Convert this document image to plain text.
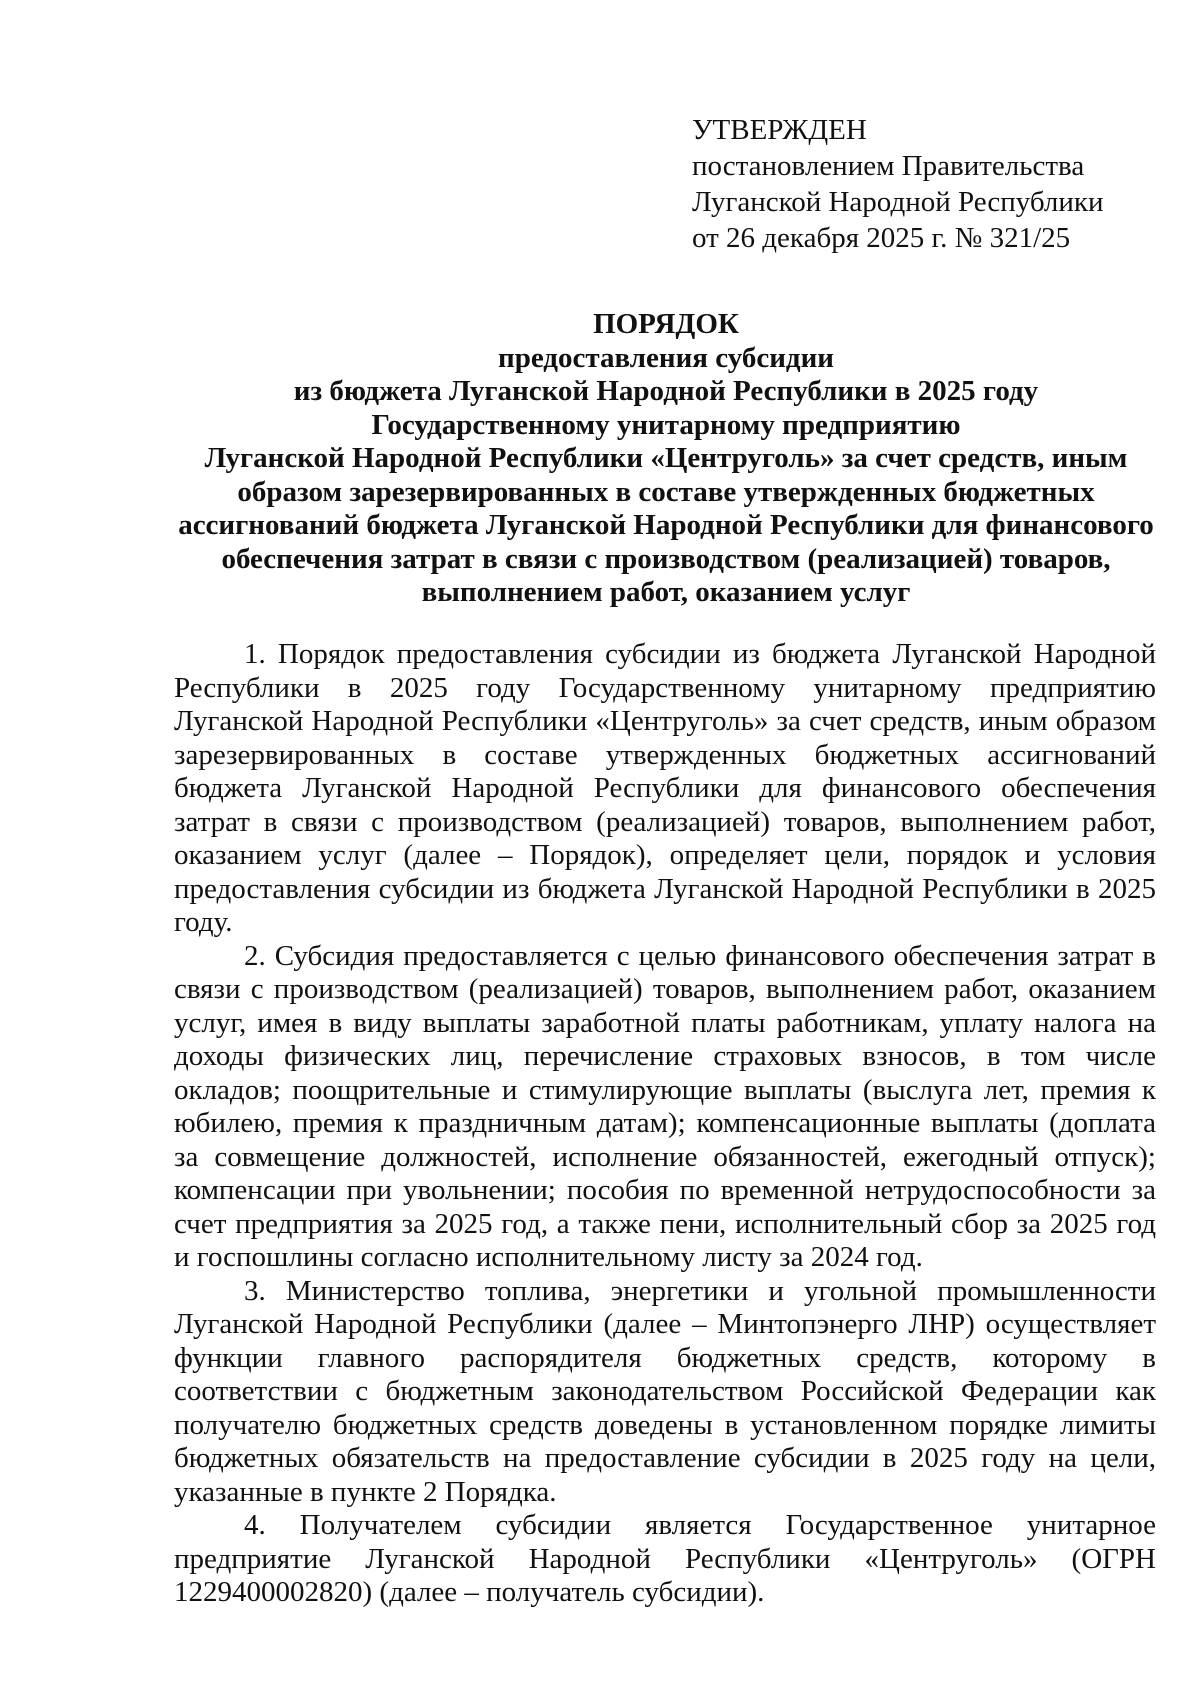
УТВЕРЖДЕН
постановлением Правительства
Луганской Народной Республики
от 26 декабря 2025 г. № 321/25
ПОРЯДОК
предоставления субсидии
из бюджета Луганской Народной Республики в 2025 году
Государственному унитарному предприятию
Луганской Народной Республики «Центруголь» за счет средств, иным
образом зарезервированных в составе утвержденных бюджетных
ассигнований бюджета Луганской Народной Республики для финансового
обеспечения затрат в связи с производством (реализацией) товаров,
выполнением работ, оказанием услуг

1. Порядок предоставления субсидии из бюджета Луганской Народной Республики в 2025 году Государственному унитарному предприятию Луганской Народной Республики «Центруголь» за счет средств, иным образом зарезервированных в составе утвержденных бюджетных ассигнований бюджета Луганской Народной Республики для финансового обеспечения затрат в связи с производством (реализацией) товаров, выполнением работ, оказанием услуг (далее – Порядок), определяет цели, порядок и условия предоставления субсидии из бюджета Луганской Народной Республики в 2025 году.

2. Субсидия предоставляется с целью финансового обеспечения затрат в связи с производством (реализацией) товаров, выполнением работ, оказанием услуг, имея в виду выплаты заработной платы работникам, уплату налога на доходы физических лиц, перечисление страховых взносов, в том числе окладов; поощрительные и стимулирующие выплаты (выслуга лет, премия к юбилею, премия к праздничным датам); компенсационные выплаты (доплата за совмещение должностей, исполнение обязанностей, ежегодный отпуск); компенсации при увольнении; пособия по временной нетрудоспособности за счет предприятия за 2025 год, а также пени, исполнительный сбор за 2025 год и госпошлины согласно исполнительному листу за 2024 год.

3. Министерство топлива, энергетики и угольной промышленности Луганской Народной Республики (далее – Минтопэнерго ЛНР) осуществляет функции главного распорядителя бюджетных средств, которому в соответствии с бюджетным законодательством Российской Федерации как получателю бюджетных средств доведены в установленном порядке лимиты бюджетных обязательств на предоставление субсидии в 2025 году на цели, указанные в пункте 2 Порядка.

4. Получателем субсидии является Государственное унитарное предприятие Луганской Народной Республики «Центруголь» (ОГРН 1229400002820) (далее – получатель субсидии).
